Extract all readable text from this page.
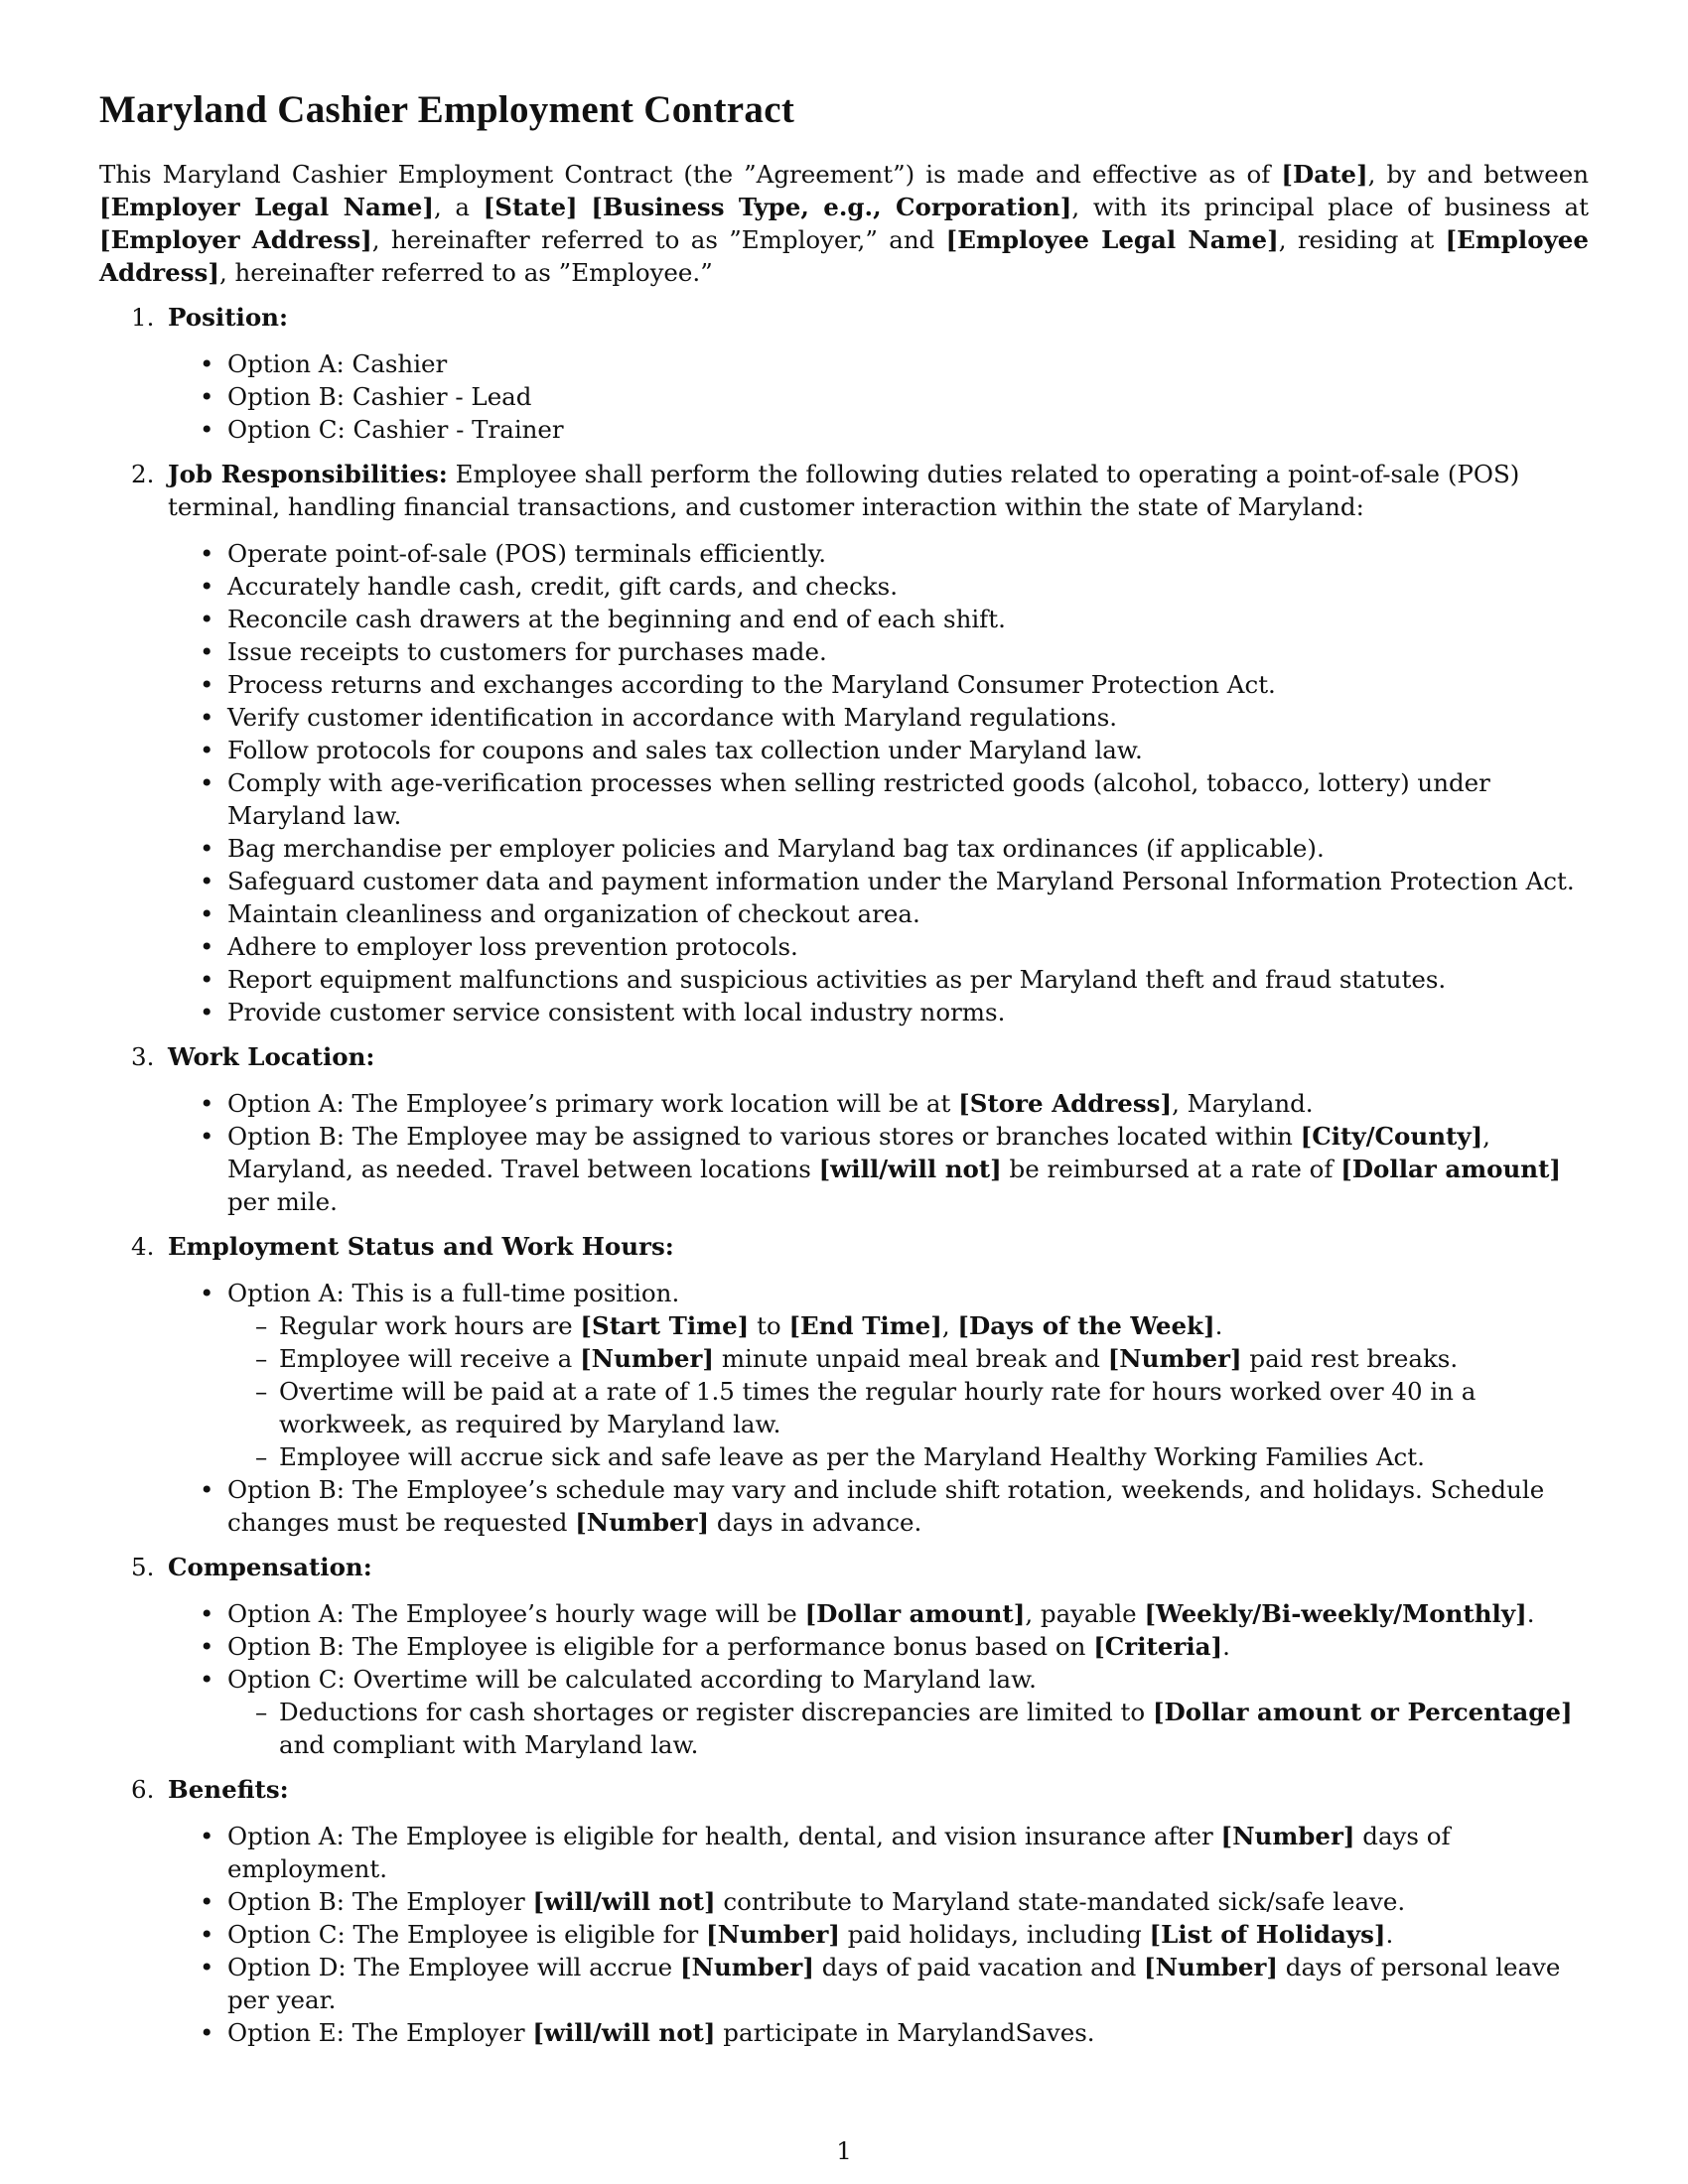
Maryland Cashier Employment Contract

This Maryland Cashier Employment Contract (the ”Agreement”) is made and effective as of [Date], by and between [Employer Legal Name], a [State] [Business Type, e.g., Corporation], with its principal place of business at [Employer Address], hereinafter referred to as ”Employer,” and [Employee Legal Name], residing at [Employee Address], hereinafter referred to as ”Employee.”

1. Position:
• Option A: Cashier
• Option B: Cashier - Lead
• Option C: Cashier - Trainer
2. Job Responsibilities: Employee shall perform the following duties related to operating a point-of-sale (POS) terminal, handling financial transactions, and customer interaction within the state of Maryland:
• Operate point-of-sale (POS) terminals efficiently.
• Accurately handle cash, credit, gift cards, and checks.
• Reconcile cash drawers at the beginning and end of each shift.
• Issue receipts to customers for purchases made.
• Process returns and exchanges according to the Maryland Consumer Protection Act.
• Verify customer identification in accordance with Maryland regulations.
• Follow protocols for coupons and sales tax collection under Maryland law.
• Comply with age-verification processes when selling restricted goods (alcohol, tobacco, lottery) under Maryland law.
• Bag merchandise per employer policies and Maryland bag tax ordinances (if applicable).
• Safeguard customer data and payment information under the Maryland Personal Information Protection Act.
• Maintain cleanliness and organization of checkout area.
• Adhere to employer loss prevention protocols.
• Report equipment malfunctions and suspicious activities as per Maryland theft and fraud statutes.
• Provide customer service consistent with local industry norms.
3. Work Location:
• Option A: The Employee’s primary work location will be at [Store Address], Maryland.
• Option B: The Employee may be assigned to various stores or branches located within [City/County], Maryland, as needed. Travel between locations [will/will not] be reimbursed at a rate of [Dollar amount] per mile.
4. Employment Status and Work Hours:
• Option A: This is a full-time position.
– Regular work hours are [Start Time] to [End Time], [Days of the Week].
– Employee will receive a [Number] minute unpaid meal break and [Number] paid rest breaks.
– Overtime will be paid at a rate of 1.5 times the regular hourly rate for hours worked over 40 in a workweek, as required by Maryland law.
– Employee will accrue sick and safe leave as per the Maryland Healthy Working Families Act.
• Option B: The Employee’s schedule may vary and include shift rotation, weekends, and holidays. Schedule changes must be requested [Number] days in advance.
5. Compensation:
• Option A: The Employee’s hourly wage will be [Dollar amount], payable [Weekly/Bi-weekly/Monthly].
• Option B: The Employee is eligible for a performance bonus based on [Criteria].
• Option C: Overtime will be calculated according to Maryland law.
– Deductions for cash shortages or register discrepancies are limited to [Dollar amount or Percentage] and compliant with Maryland law.
6. Benefits:
• Option A: The Employee is eligible for health, dental, and vision insurance after [Number] days of employment.
• Option B: The Employer [will/will not] contribute to Maryland state-mandated sick/safe leave.
• Option C: The Employee is eligible for [Number] paid holidays, including [List of Holidays].
• Option D: The Employee will accrue [Number] days of paid vacation and [Number] days of personal leave per year.
• Option E: The Employer [will/will not] participate in MarylandSaves.
1
